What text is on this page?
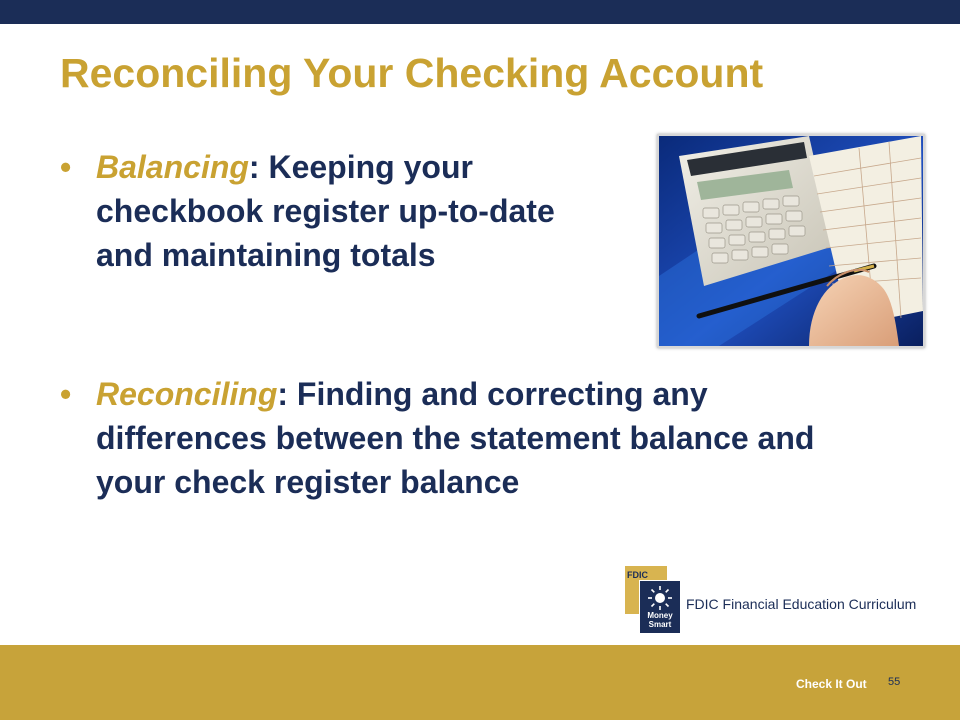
Reconciling Your Checking Account
• Balancing: Keeping your checkbook register up-to-date and maintaining totals
• Reconciling: Finding and correcting any differences between the statement balance and your check register balance
FDIC
Money
Smart
FDIC Financial Education Curriculum
Check It Out 55
